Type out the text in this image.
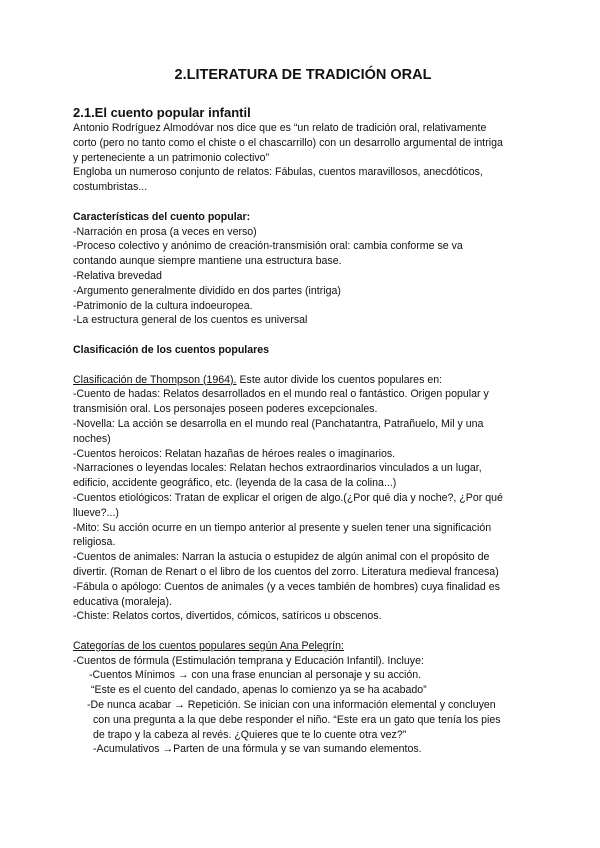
2.LITERATURA DE TRADICIÓN ORAL
2.1.El cuento popular infantil

Antonio Rodríguez Almodóvar nos dice que es “un relato de tradición oral, relativamente

corto (pero no tanto como el chiste o el chascarrillo) con un desarrollo argumental de intriga

y perteneciente a un patrimonio colectivo”

Engloba un numeroso conjunto de relatos: Fábulas, cuentos maravillosos, anecdóticos,

costumbristas...

Características del cuento popular:

-Narración en prosa (a veces en verso)

-Proceso colectivo y anónimo de creación-transmisión oral: cambia conforme se va

contando aunque siempre mantiene una estructura base.

-Relativa brevedad

-Argumento generalmente dividido en dos partes (intriga)

-Patrimonio de la cultura indoeuropea.

-La estructura general de los cuentos es universal

Clasificación de los cuentos populares

Clasificación de Thompson (1964). Este autor divide los cuentos populares en:

-Cuento de hadas: Relatos desarrollados en el mundo real o fantástico. Origen popular y

transmisión oral. Los personajes poseen poderes excepcionales.

-Novella: La acción se desarrolla en el mundo real (Panchatantra, Patrañuelo, Mil y una

noches)

-Cuentos heroicos: Relatan hazañas de héroes reales o imaginarios.

-Narraciones o leyendas locales: Relatan hechos extraordinarios vinculados a un lugar,

edificio, accidente geográfico, etc. (leyenda de la casa de la colina...)

-Cuentos etiológicos: Tratan de explicar el origen de algo.(¿Por qué dia y noche?, ¿Por qué

llueve?...)

-Mito: Su acción ocurre en un tiempo anterior al presente y suelen tener una significación

religiosa.

-Cuentos de animales: Narran la astucia o estupidez de algún animal con el propósito de

divertir. (Roman de Renart o el libro de los cuentos del zorro. Literatura medieval francesa)

-Fábula o apólogo: Cuentos de animales (y a veces también de hombres) cuya finalidad es

educativa (moraleja).

-Chiste: Relatos cortos, divertidos, cómicos, satíricos u obscenos.

Categorías de los cuentos populares según Ana Pelegrín:

-Cuentos de fórmula (Estimulación temprana y Educación Infantil). Incluye:

-Cuentos Mínimos → con una frase enuncian al personaje y su acción.

“Este es el cuento del candado, apenas lo comienzo ya se ha acabado”

-De nunca acabar → Repetición. Se inician con una información elemental y concluyen

con una pregunta a la que debe responder el niño. “Este era un gato que tenía los pies

de trapo y la cabeza al revés. ¿Quieres que te lo cuente otra vez?”

-Acumulativos →Parten de una fórmula y se van sumando elementos.
